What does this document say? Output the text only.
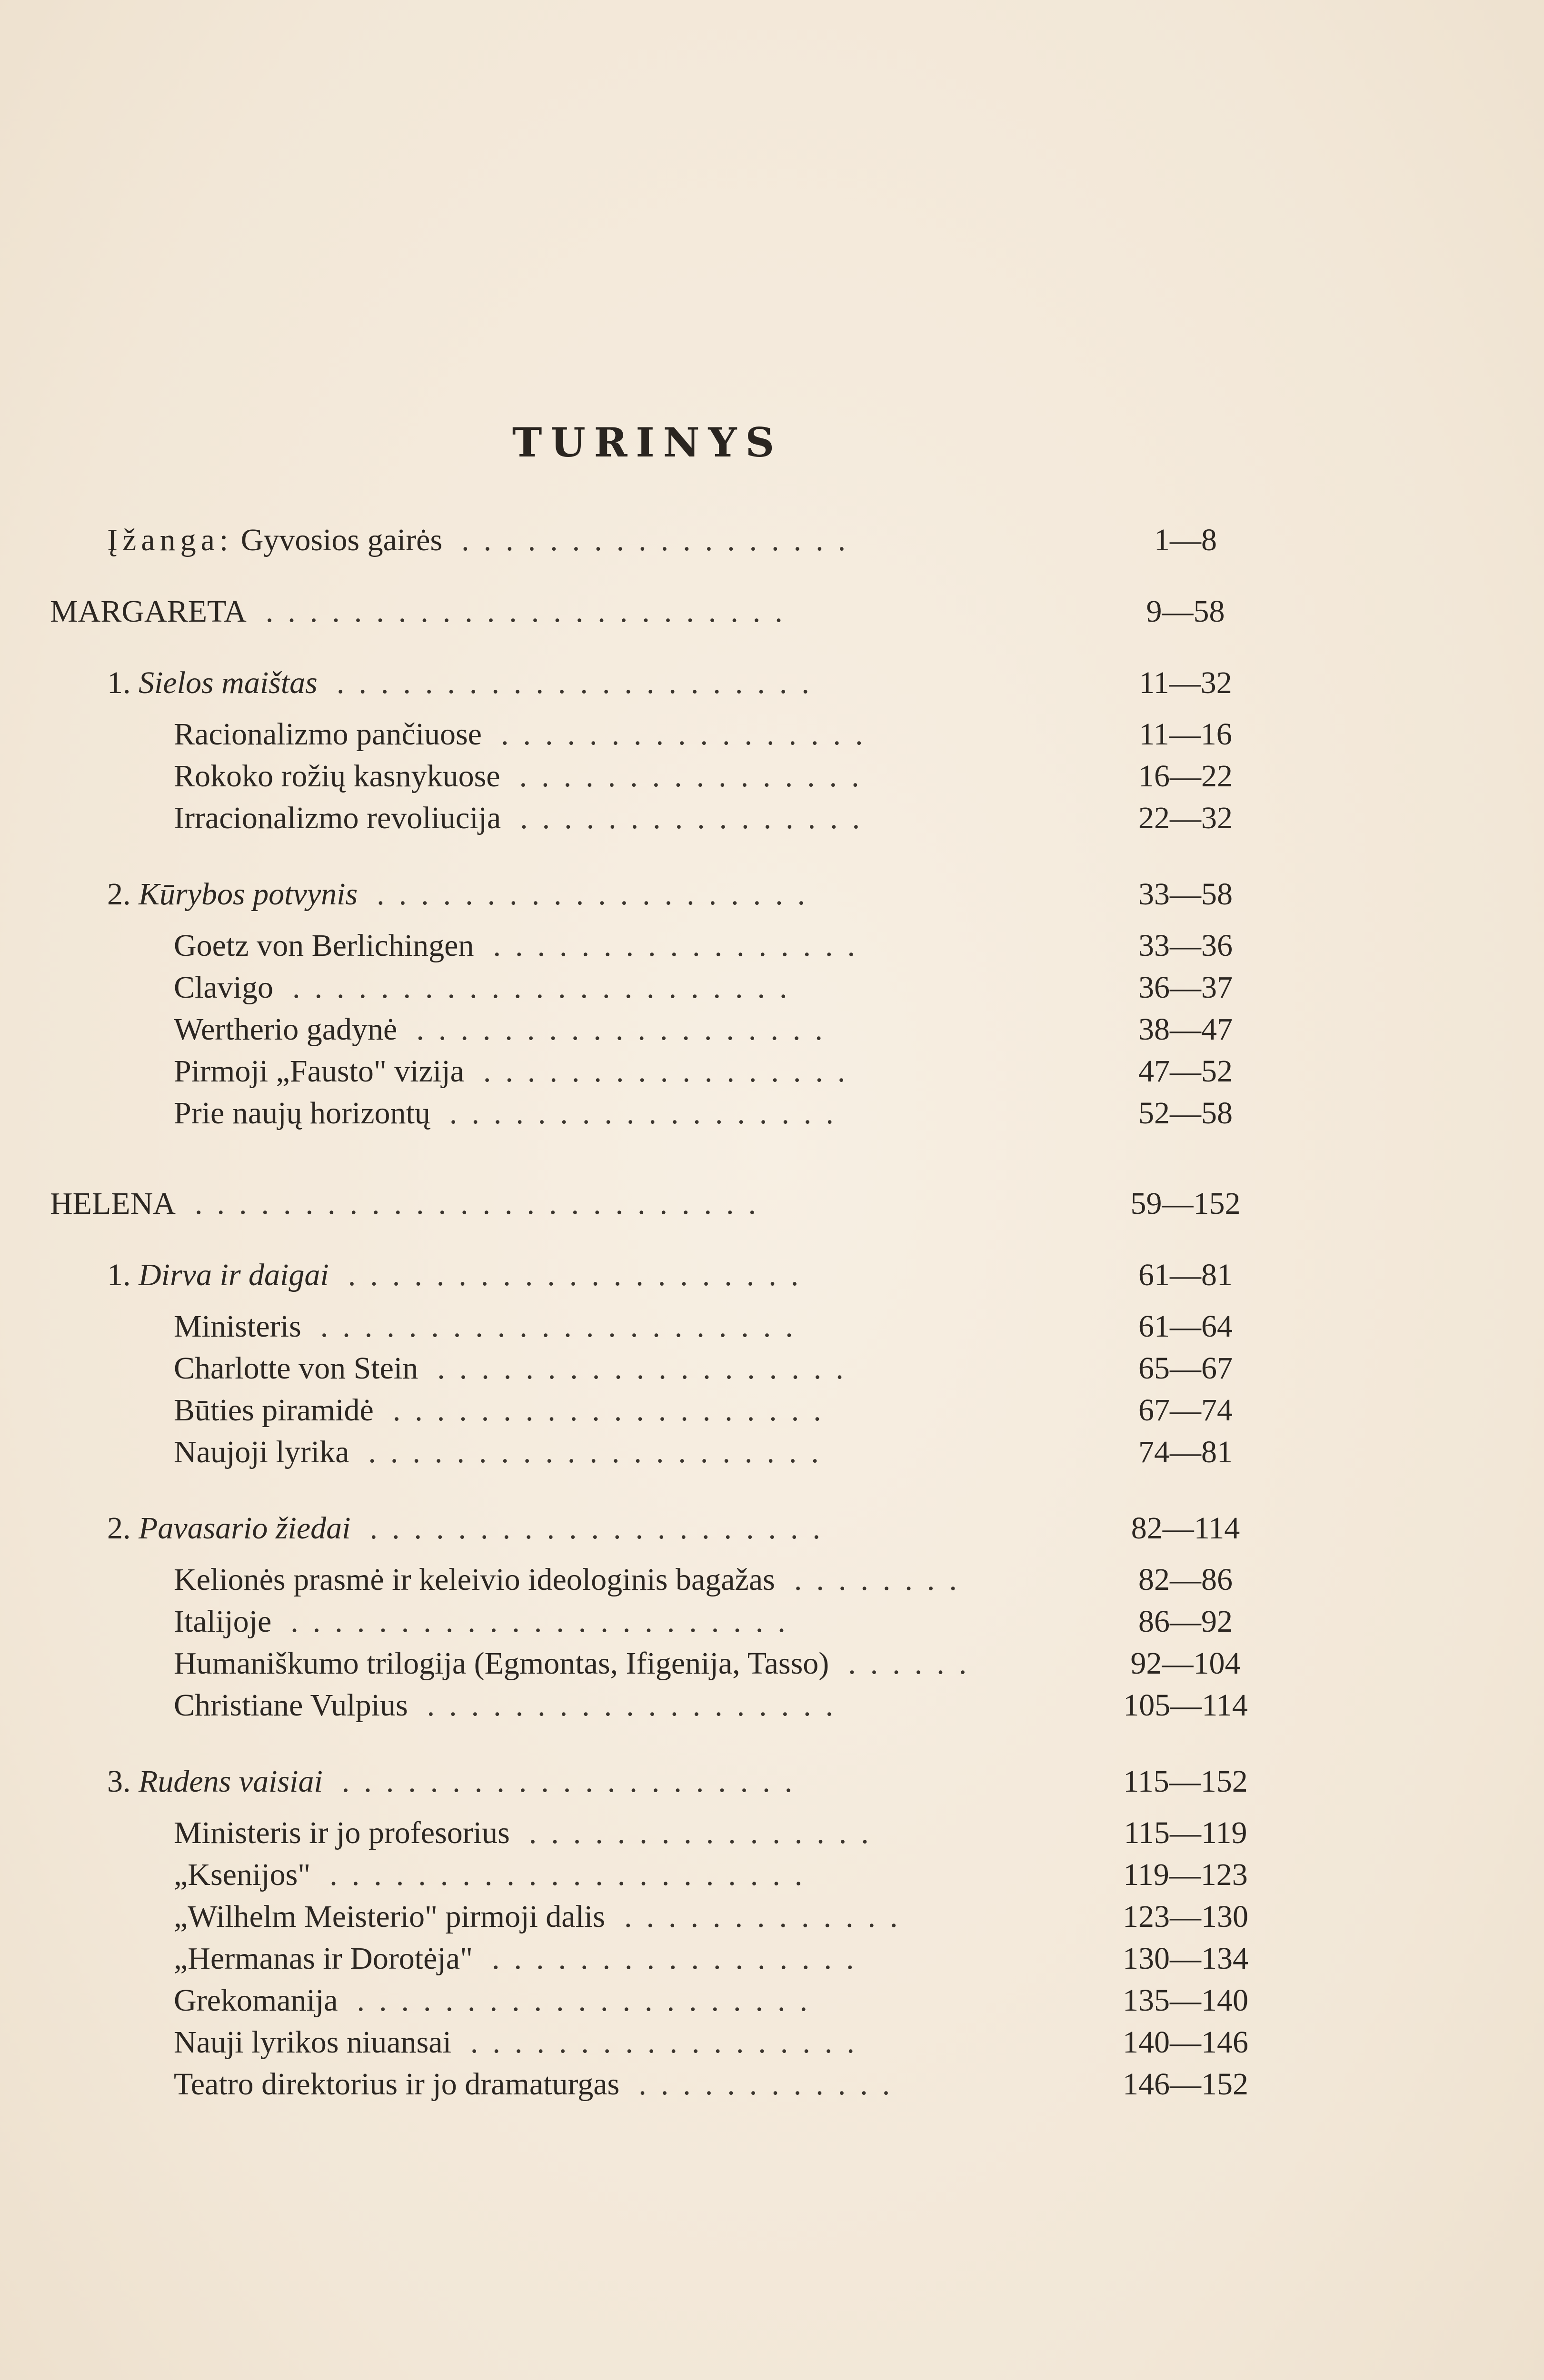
TURINYS
Įžanga: Gyvosios gairės ..................	1—8
MARGARETA ........................	9—58
1. Sielos maištas ......................	11—32
Racionalizmo pančiuose .................	11—16
Rokoko rožių kasnykuose ................	16—22
Irracionalizmo revoliucija ................	22—32
2. Kūrybos potvynis ....................	33—58
Goetz von Berlichingen .................	33—36
Clavigo .......................	36—37
Wertherio gadynė ...................	38—47
Pirmoji „Fausto" vizija .................	47—52
Prie naujų horizontų ..................	52—58
HELENA ..........................	59—152
1. Dirva ir daigai .....................	61—81
Ministeris ......................	61—64
Charlotte von Stein ...................	65—67
Būties piramidė ....................	67—74
Naujoji lyrika .....................	74—81
2. Pavasario žiedai .....................	82—114
Kelionės prasmė ir keleivio ideologinis bagažas ........	82—86
Italijoje .......................	86—92
Humaniškumo trilogija (Egmontas, Ifigenija, Tasso) ......	92—104
Christiane Vulpius ...................	105—114
3. Rudens vaisiai .....................	115—152
Ministeris ir jo profesorius ................	115—119
„Ksenijos" ......................	119—123
„Wilhelm Meisterio" pirmoji dalis .............	123—130
„Hermanas ir Dorotėja" .................	130—134
Grekomanija .....................	135—140
Nauji lyrikos niuansai ..................	140—146
Teatro direktorius ir jo dramaturgas ............	146—152
